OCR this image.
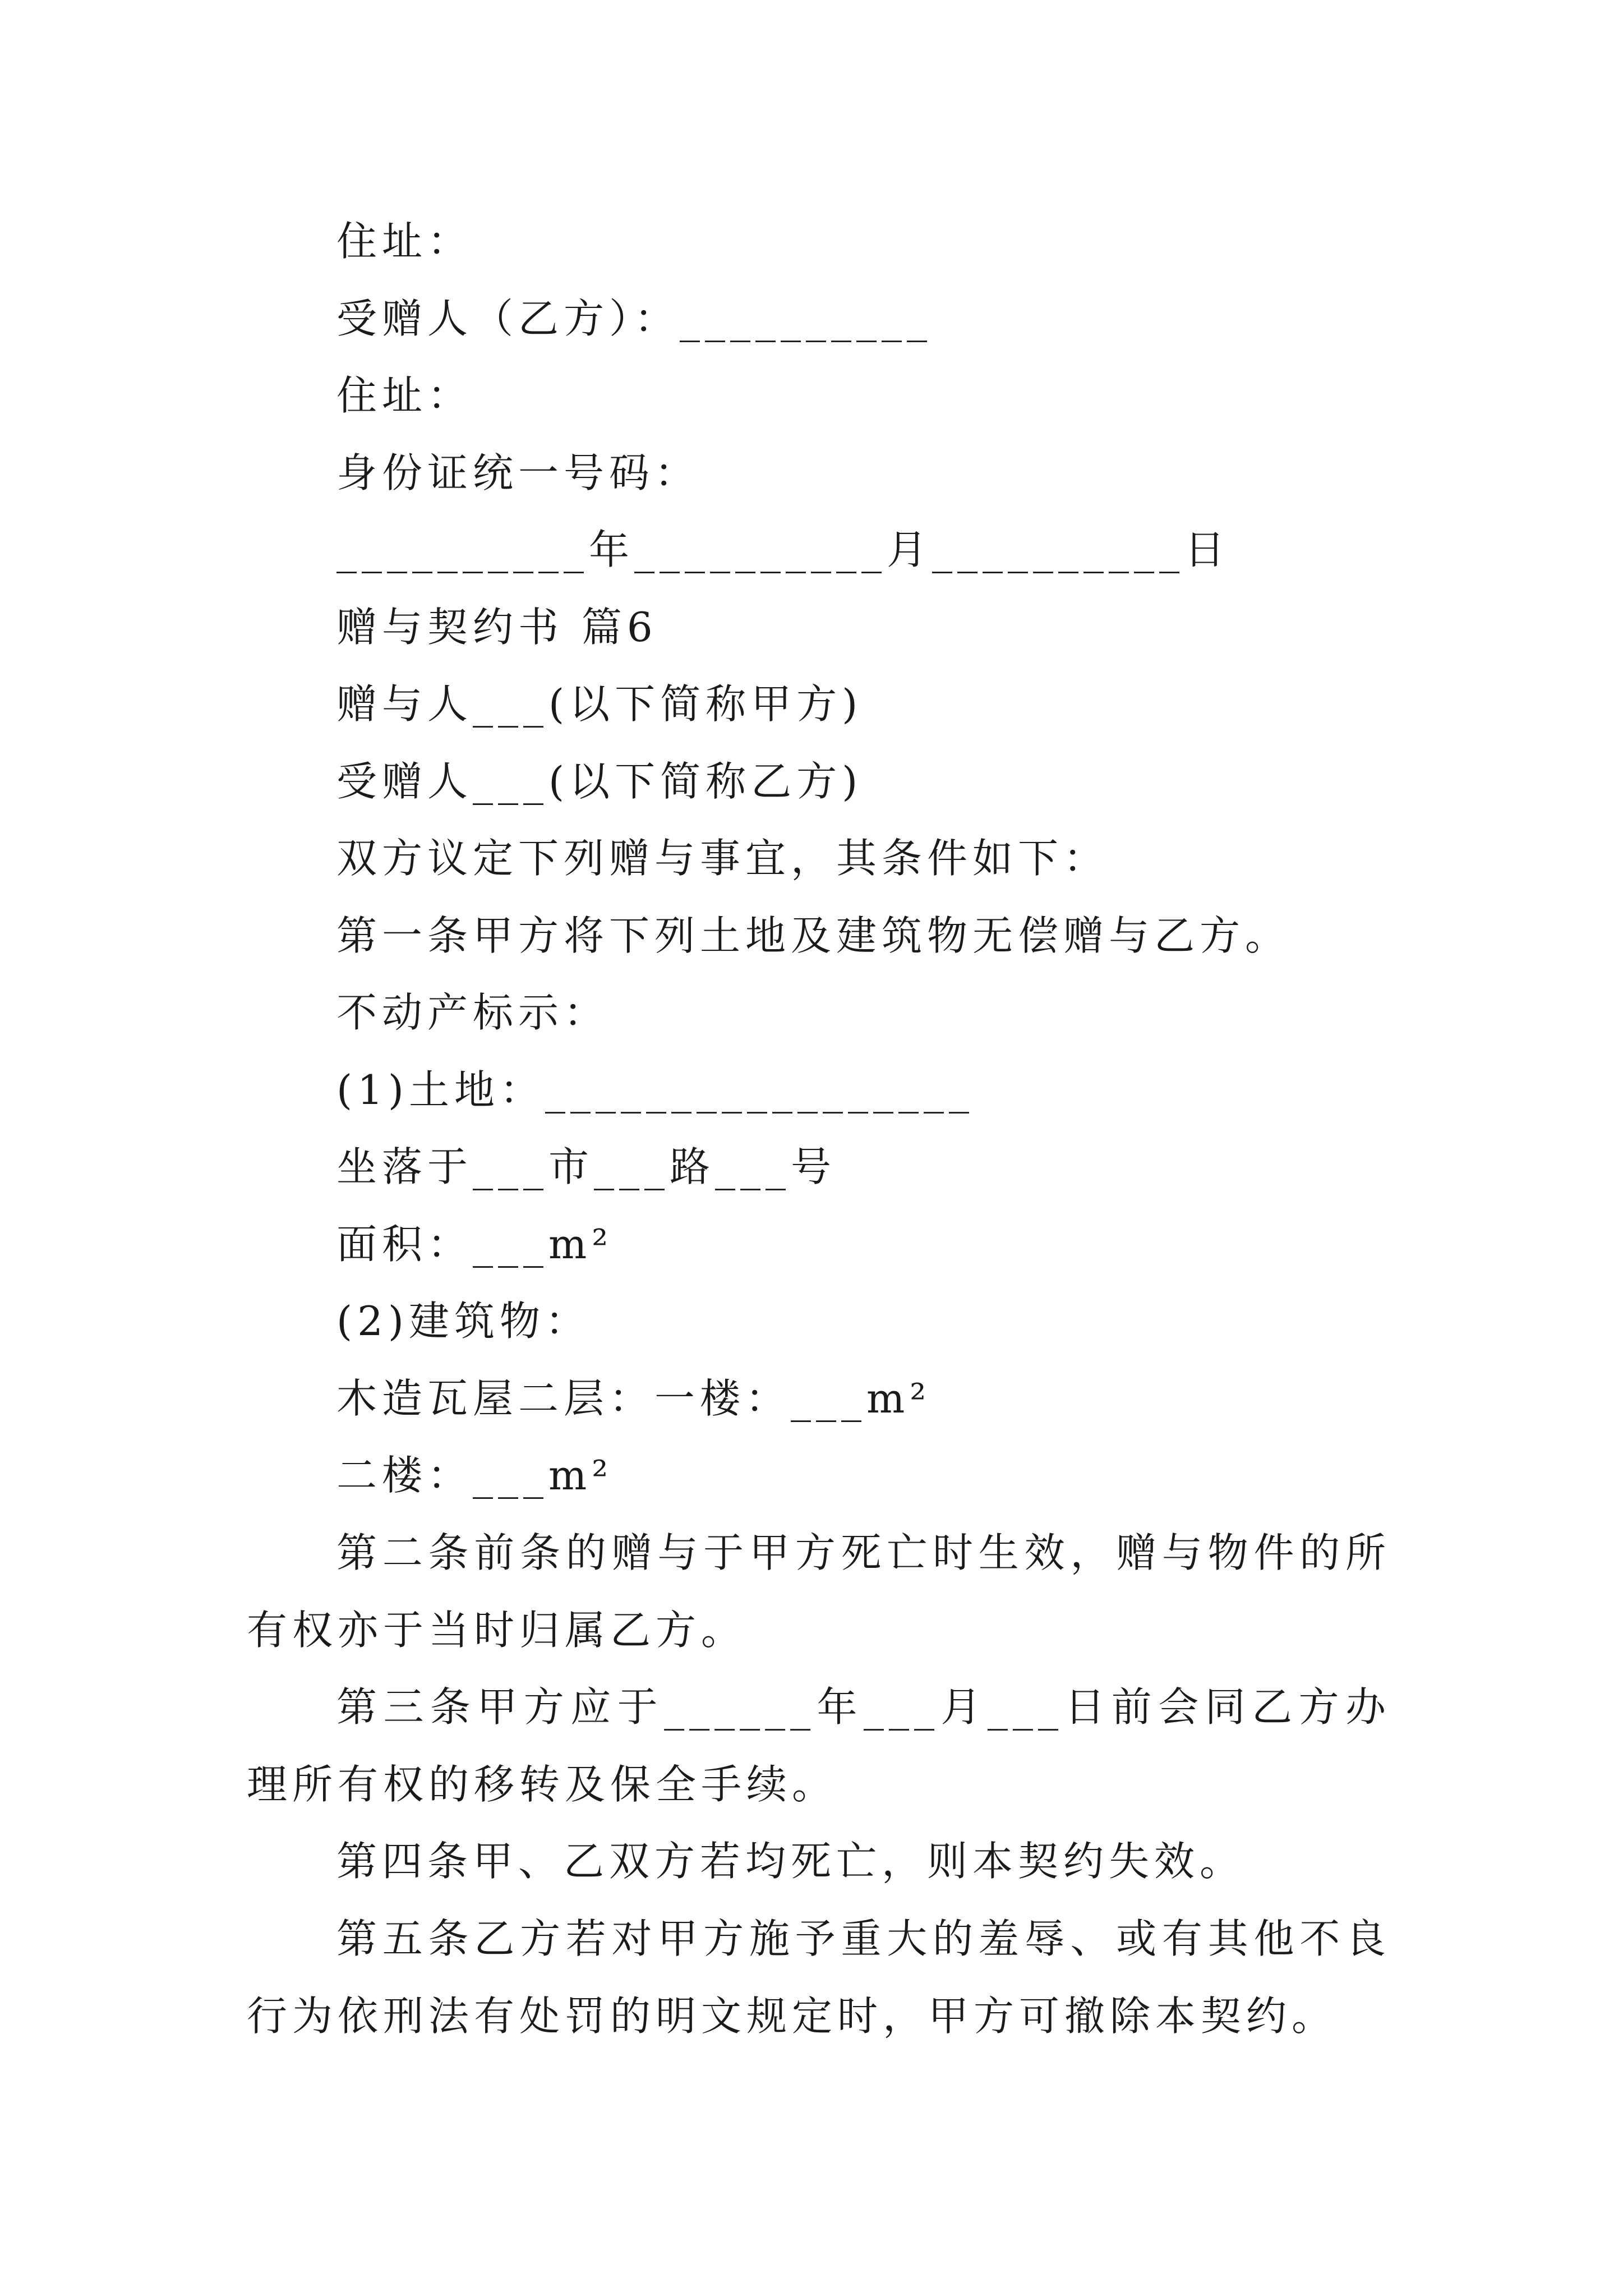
住址：
受赠人（乙方）：__________
住址：
身份证统一号码：
__________年__________月__________日
赠与契约书 篇6
赠与人___(以下简称甲方)
受赠人___(以下简称乙方)
双方议定下列赠与事宜，其条件如下：
第一条甲方将下列土地及建筑物无偿赠与乙方。
不动产标示：
(1)土地：_________________
坐落于___市___路___号
面积：___m²
(2)建筑物：
木造瓦屋二层：一楼：___m²
二楼：___m²
第二条前条的赠与于甲方死亡时生效，赠与物件的所有权亦于当时归属乙方。
第三条甲方应于______年___月___日前会同乙方办理所有权的移转及保全手续。
第四条甲、乙双方若均死亡，则本契约失效。
第五条乙方若对甲方施予重大的羞辱、或有其他不良行为依刑法有处罚的明文规定时，甲方可撤除本契约。
